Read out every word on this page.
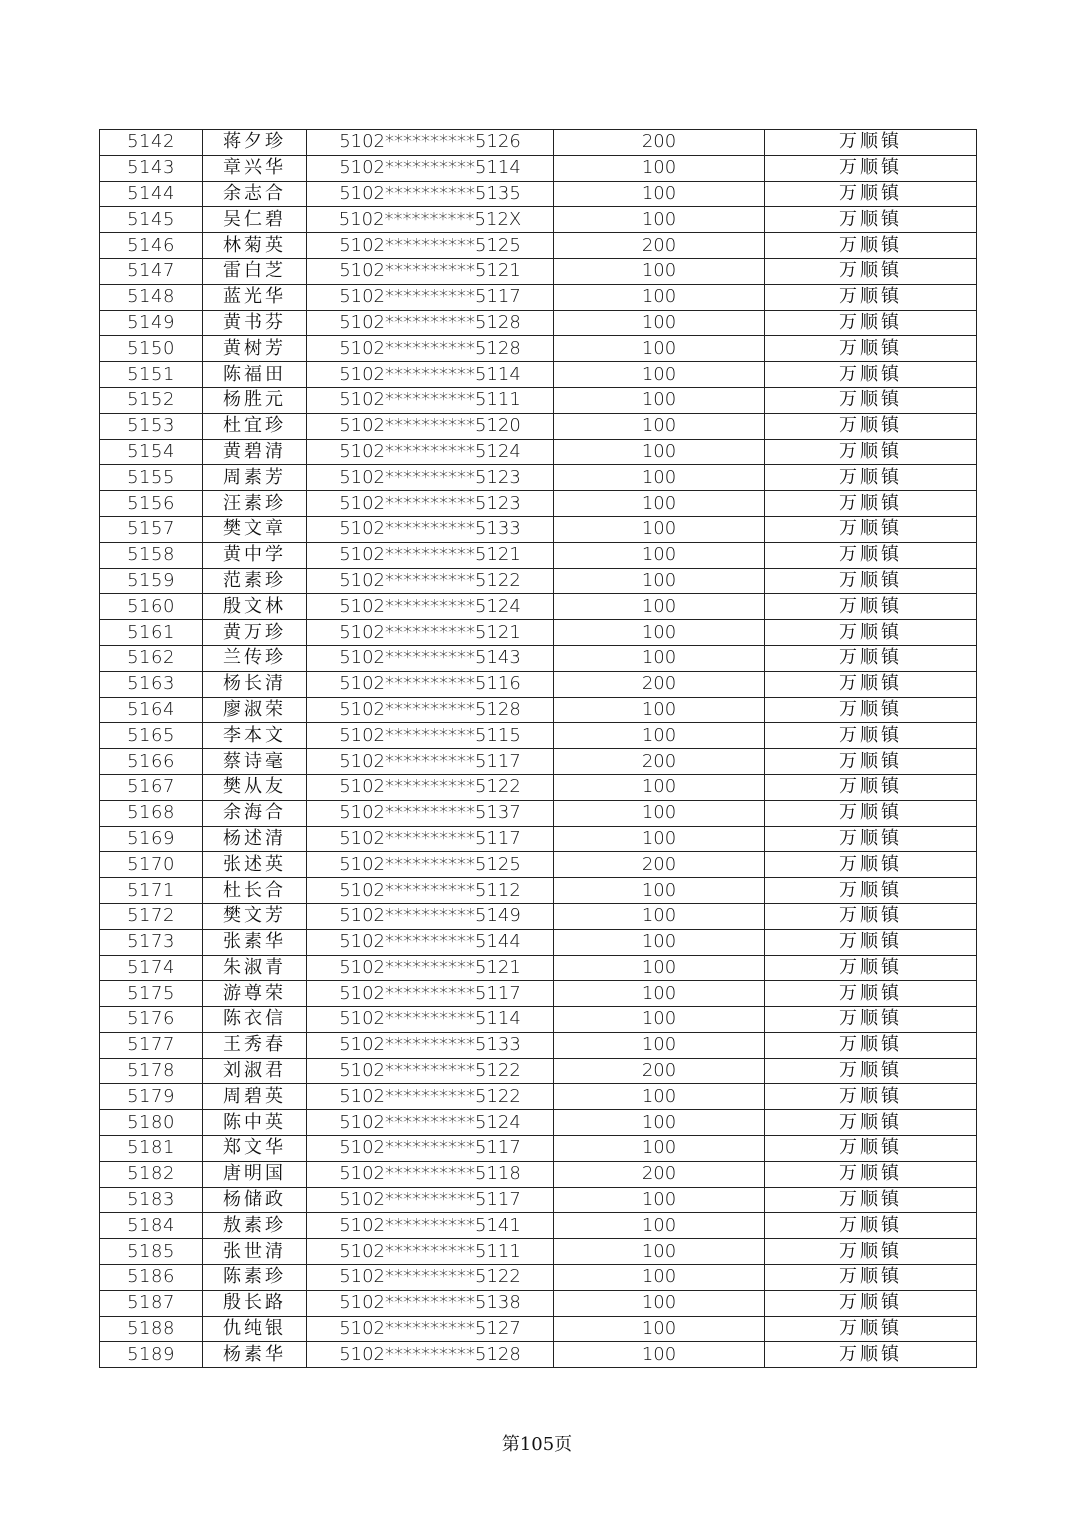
5142	蒋夕珍	5102**********5126	200	万顺镇
5143	章兴华	5102**********5114	100	万顺镇
5144	余志合	5102**********5135	100	万顺镇
5145	吴仁碧	5102**********512X	100	万顺镇
5146	林菊英	5102**********5125	200	万顺镇
5147	雷白芝	5102**********5121	100	万顺镇
5148	蓝光华	5102**********5117	100	万顺镇
5149	黄书芬	5102**********5128	100	万顺镇
5150	黄树芳	5102**********5128	100	万顺镇
5151	陈福田	5102**********5114	100	万顺镇
5152	杨胜元	5102**********5111	100	万顺镇
5153	杜宜珍	5102**********5120	100	万顺镇
5154	黄碧清	5102**********5124	100	万顺镇
5155	周素芳	5102**********5123	100	万顺镇
5156	汪素珍	5102**********5123	100	万顺镇
5157	樊文章	5102**********5133	100	万顺镇
5158	黄中学	5102**********5121	100	万顺镇
5159	范素珍	5102**********5122	100	万顺镇
5160	殷文林	5102**********5124	100	万顺镇
5161	黄万珍	5102**********5121	100	万顺镇
5162	兰传珍	5102**********5143	100	万顺镇
5163	杨长清	5102**********5116	200	万顺镇
5164	廖淑荣	5102**********5128	100	万顺镇
5165	李本文	5102**********5115	100	万顺镇
5166	蔡诗毫	5102**********5117	200	万顺镇
5167	樊从友	5102**********5122	100	万顺镇
5168	余海合	5102**********5137	100	万顺镇
5169	杨述清	5102**********5117	100	万顺镇
5170	张述英	5102**********5125	200	万顺镇
5171	杜长合	5102**********5112	100	万顺镇
5172	樊文芳	5102**********5149	100	万顺镇
5173	张素华	5102**********5144	100	万顺镇
5174	朱淑青	5102**********5121	100	万顺镇
5175	游尊荣	5102**********5117	100	万顺镇
5176	陈衣信	5102**********5114	100	万顺镇
5177	王秀春	5102**********5133	100	万顺镇
5178	刘淑君	5102**********5122	200	万顺镇
5179	周碧英	5102**********5122	100	万顺镇
5180	陈中英	5102**********5124	100	万顺镇
5181	郑文华	5102**********5117	100	万顺镇
5182	唐明国	5102**********5118	200	万顺镇
5183	杨储政	5102**********5117	100	万顺镇
5184	敖素珍	5102**********5141	100	万顺镇
5185	张世清	5102**********5111	100	万顺镇
5186	陈素珍	5102**********5122	100	万顺镇
5187	殷长路	5102**********5138	100	万顺镇
5188	仇纯银	5102**********5127	100	万顺镇
5189	杨素华	5102**********5128	100	万顺镇
第105页
